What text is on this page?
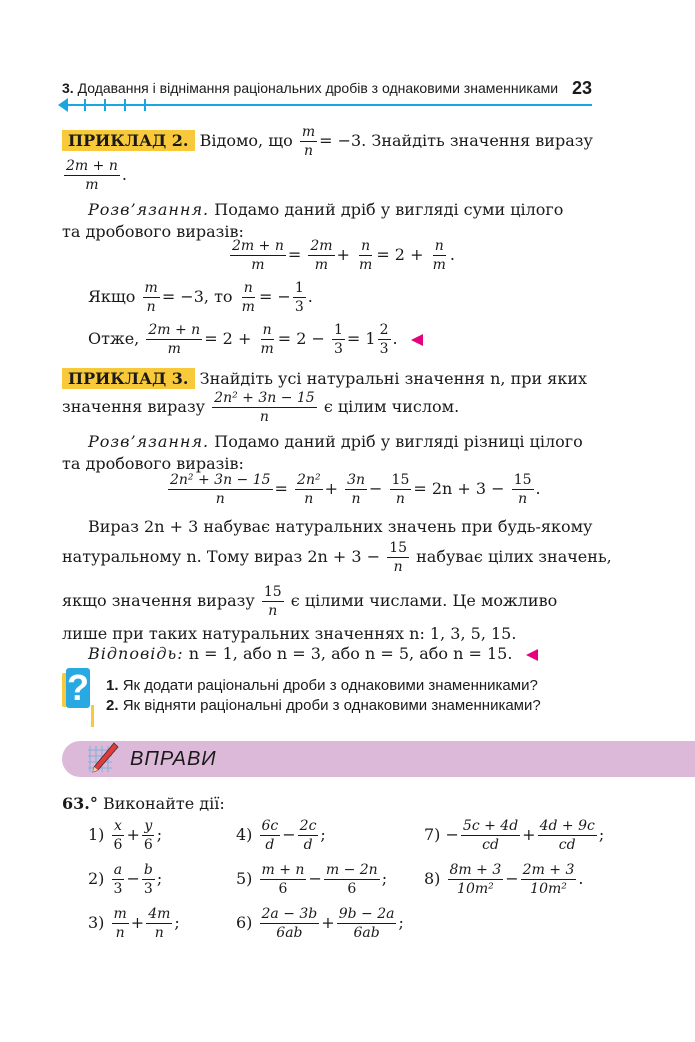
3. Додавання і віднімання раціональних дробів з однаковими знаменниками 23
ПРИКЛАД 2. Відомо, що $\frac{m}{n} = -3$. Знайдіть значення виразу
$\frac{2m + n}{m}$ .
Розв’язання. Подамо даний дріб у вигляді суми цілого
та дробового виразів:
$\frac{2m + n}{m} = \frac{2m}{m} + \frac{n}{m} = 2 + \frac{n}{m}$ .
Якщо $\frac{m}{n} = -3$, то $\frac{n}{m}$ = − $\frac{1}{3}$ .
Отже, $\frac{2m + n}{m} = 2 + \frac{n}{m} = 2 - \frac{1}{3} = 1 \frac{2}{3}$ .
ПРИКЛАД 3. Знайдіть усі натуральні значення n, при яких
значення виразу $\frac{\text{2n² + 3n − 15}}{n}$ є цілим числом.
Розв’язання. Подамо даний дріб у вигляді різниці цілого
та дробового виразів:
$\frac{\text{2n² + 3n − 15}}{n} = \frac{\text{2n²}}{n} + \frac{3n}{n} - \frac{15}{n} = 2n + 3 - \frac{15}{n}$ .
Вираз 2n + 3 набуває натуральних значень при будь-якому
натуральному n. Тому вираз $2n + 3 - \frac{15}{n}$ набуває цілих значень,
якщо значення виразу $\frac{15}{n}$ є цілими числами. Це можливо
лише при таких натуральних значеннях n: 1, 3, 5, 15.
Відповідь: n = 1, або n = 3, або n = 5, або n = 15.
? 1. Як додати раціональні дроби з однаковими знаменниками?
2. Як відняти раціональні дроби з однаковими знаменниками?
ВПРАВИ
63.° Виконайте дії:
$1) \frac{x}{6} + \frac{y}{6}$ ;
$2) \frac{a}{3} - \frac{b}{3}$ ;
$3) \frac{m}{n} + \frac{4m}{n}$ ;
$4) \frac{6c}{d} - \frac{2c}{d}$ ;
$5) \frac{m + n}{6} - \frac{m - 2n}{6}$ ;
$6) \frac{2a - 3b}{6ab} + \frac{9b - 2a}{6ab}$ ;
$7) - \frac{5c + 4d}{cd} + \frac{4d + 9c}{cd}$ ;
$8) \frac{8m + 3}{\text{10m²}} - \frac{2m + 3}{\text{10m²}}$ .
